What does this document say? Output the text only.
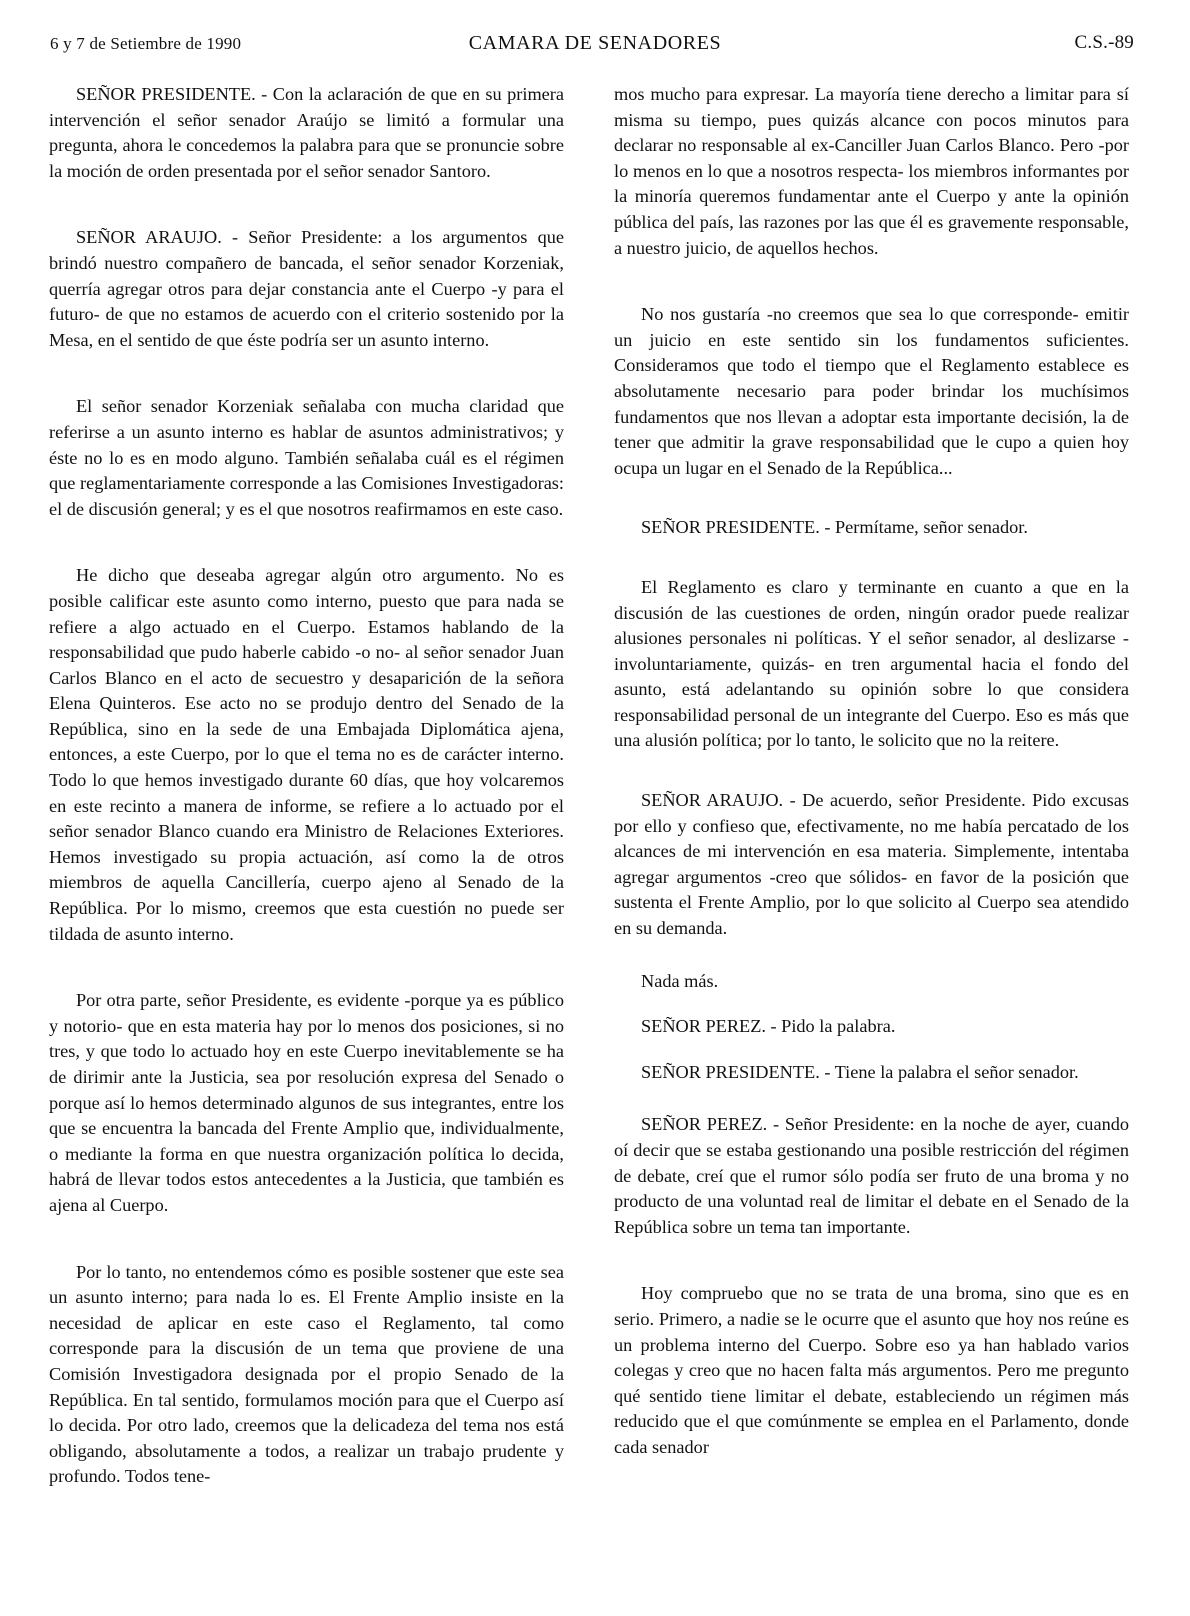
6 y 7 de Setiembre de 1990	CAMARA DE SENADORES	C.S.-89

SEÑOR PRESIDENTE. - Con la aclaración de que en su primera intervención el señor senador Araújo se limitó a formular una pregunta, ahora le concedemos la palabra para que se pronuncie sobre la moción de orden presentada por el señor senador Santoro.

SEÑOR ARAUJO. - Señor Presidente: a los argumentos que brindó nuestro compañero de bancada, el señor senador Korzeniak, querría agregar otros para dejar constancia ante el Cuerpo -y para el futuro- de que no estamos de acuerdo con el criterio sostenido por la Mesa, en el sentido de que éste podría ser un asunto interno.

El señor senador Korzeniak señalaba con mucha claridad que referirse a un asunto interno es hablar de asuntos administrativos; y éste no lo es en modo alguno. También señalaba cuál es el régimen que reglamentariamente corresponde a las Comisiones Investigadoras: el de discusión general; y es el que nosotros reafirmamos en este caso.

He dicho que deseaba agregar algún otro argumento. No es posible calificar este asunto como interno, puesto que para nada se refiere a algo actuado en el Cuerpo. Estamos hablando de la responsabilidad que pudo haberle cabido -o no- al señor senador Juan Carlos Blanco en el acto de secuestro y desaparición de la señora Elena Quinteros. Ese acto no se produjo dentro del Senado de la República, sino en la sede de una Embajada Diplomática ajena, entonces, a este Cuerpo, por lo que el tema no es de carácter interno. Todo lo que hemos investigado durante 60 días, que hoy volcaremos en este recinto a manera de informe, se refiere a lo actuado por el señor senador Blanco cuando era Ministro de Relaciones Exteriores. Hemos investigado su propia actuación, así como la de otros miembros de aquella Cancillería, cuerpo ajeno al Senado de la República. Por lo mismo, creemos que esta cuestión no puede ser tildada de asunto interno.

Por otra parte, señor Presidente, es evidente -porque ya es público y notorio- que en esta materia hay por lo menos dos posiciones, si no tres, y que todo lo actuado hoy en este Cuerpo inevitablemente se ha de dirimir ante la Justicia, sea por resolución expresa del Senado o porque así lo hemos determinado algunos de sus integrantes, entre los que se encuentra la bancada del Frente Amplio que, individualmente, o mediante la forma en que nuestra organización política lo decida, habrá de llevar todos estos antecedentes a la Justicia, que también es ajena al Cuerpo.

Por lo tanto, no entendemos cómo es posible sostener que este sea un asunto interno; para nada lo es. El Frente Amplio insiste en la necesidad de aplicar en este caso el Reglamento, tal como corresponde para la discusión de un tema que proviene de una Comisión Investigadora designada por el propio Senado de la República. En tal sentido, formulamos moción para que el Cuerpo así lo decida. Por otro lado, creemos que la delicadeza del tema nos está obligando, absolutamente a todos, a realizar un trabajo prudente y profundo. Todos tene-

mos mucho para expresar. La mayoría tiene derecho a limitar para sí misma su tiempo, pues quizás alcance con pocos minutos para declarar no responsable al ex-Canciller Juan Carlos Blanco. Pero -por lo menos en lo que a nosotros respecta- los miembros informantes por la minoría queremos fundamentar ante el Cuerpo y ante la opinión pública del país, las razones por las que él es gravemente responsable, a nuestro juicio, de aquellos hechos.

No nos gustaría -no creemos que sea lo que corresponde- emitir un juicio en este sentido sin los fundamentos suficientes. Consideramos que todo el tiempo que el Reglamento establece es absolutamente necesario para poder brindar los muchísimos fundamentos que nos llevan a adoptar esta importante decisión, la de tener que admitir la grave responsabilidad que le cupo a quien hoy ocupa un lugar en el Senado de la República...

SEÑOR PRESIDENTE. - Permítame, señor senador.

El Reglamento es claro y terminante en cuanto a que en la discusión de las cuestiones de orden, ningún orador puede realizar alusiones personales ni políticas. Y el señor senador, al deslizarse -involuntariamente, quizás- en tren argumental hacia el fondo del asunto, está adelantando su opinión sobre lo que considera responsabilidad personal de un integrante del Cuerpo. Eso es más que una alusión política; por lo tanto, le solicito que no la reitere.

SEÑOR ARAUJO. - De acuerdo, señor Presidente. Pido excusas por ello y confieso que, efectivamente, no me había percatado de los alcances de mi intervención en esa materia. Simplemente, intentaba agregar argumentos -creo que sólidos- en favor de la posición que sustenta el Frente Amplio, por lo que solicito al Cuerpo sea atendido en su demanda.

Nada más.

SEÑOR PEREZ. - Pido la palabra.

SEÑOR PRESIDENTE. - Tiene la palabra el señor senador.

SEÑOR PEREZ. - Señor Presidente: en la noche de ayer, cuando oí decir que se estaba gestionando una posible restricción del régimen de debate, creí que el rumor sólo podía ser fruto de una broma y no producto de una voluntad real de limitar el debate en el Senado de la República sobre un tema tan importante.

Hoy compruebo que no se trata de una broma, sino que es en serio. Primero, a nadie se le ocurre que el asunto que hoy nos reúne es un problema interno del Cuerpo. Sobre eso ya han hablado varios colegas y creo que no hacen falta más argumentos. Pero me pregunto qué sentido tiene limitar el debate, estableciendo un régimen más reducido que el que comúnmente se emplea en el Parlamento, donde cada senador
